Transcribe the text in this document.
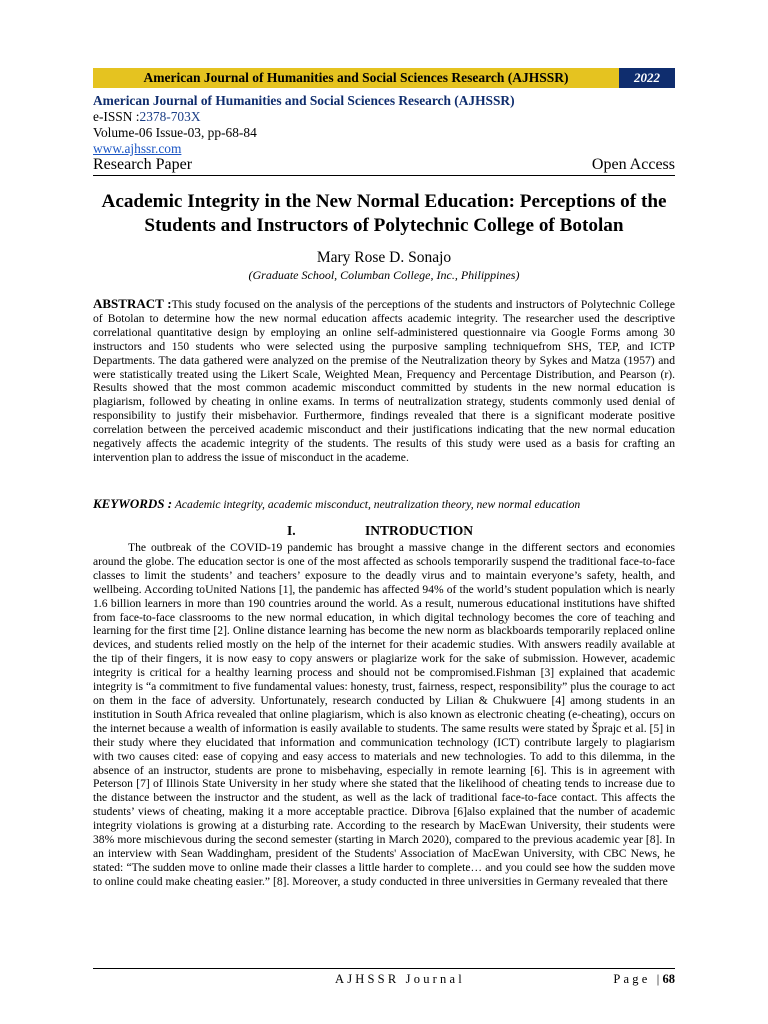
American Journal of Humanities and Social Sciences Research (AJHSSR)	2022
American Journal of Humanities and Social Sciences Research (AJHSSR)
e-ISSN :2378-703X
Volume-06 Issue-03, pp-68-84
www.ajhssr.com
Research Paper	Open Access
Academic Integrity in the New Normal Education: Perceptions of the Students and Instructors of Polytechnic College of Botolan
Mary Rose D. Sonajo
(Graduate School, Columban College, Inc., Philippines)
ABSTRACT :This study focused on the analysis of the perceptions of the students and instructors of Polytechnic College of Botolan to determine how the new normal education affects academic integrity. The researcher used the descriptive correlational quantitative design by employing an online self-administered questionnaire via Google Forms among 30 instructors and 150 students who were selected using the purposive sampling techniquefrom SHS, TEP, and ICTP Departments. The data gathered were analyzed on the premise of the Neutralization theory by Sykes and Matza (1957) and were statistically treated using the Likert Scale, Weighted Mean, Frequency and Percentage Distribution, and Pearson (r). Results showed that the most common academic misconduct committed by students in the new normal education is plagiarism, followed by cheating in online exams. In terms of neutralization strategy, students commonly used denial of responsibility to justify their misbehavior. Furthermore, findings revealed that there is a significant moderate positive correlation between the perceived academic misconduct and their justifications indicating that the new normal education negatively affects the academic integrity of the students. The results of this study were used as a basis for crafting an intervention plan to address the issue of misconduct in the academe.
KEYWORDS : Academic integrity, academic misconduct, neutralization theory, new normal education
I.	INTRODUCTION
The outbreak of the COVID-19 pandemic has brought a massive change in the different sectors and economies around the globe. The education sector is one of the most affected as schools temporarily suspend the traditional face-to-face classes to limit the students’ and teachers’ exposure to the deadly virus and to maintain everyone’s safety, health, and wellbeing. According toUnited Nations [1], the pandemic has affected 94% of the world’s student population which is nearly 1.6 billion learners in more than 190 countries around the world. As a result, numerous educational institutions have shifted from face-to-face classrooms to the new normal education, in which digital technology becomes the core of teaching and learning for the first time [2]. Online distance learning has become the new norm as blackboards temporarily replaced online devices, and students relied mostly on the help of the internet for their academic studies. With answers readily available at the tip of their fingers, it is now easy to copy answers or plagiarize work for the sake of submission. However, academic integrity is critical for a healthy learning process and should not be compromised.Fishman [3] explained that academic integrity is “a commitment to five fundamental values: honesty, trust, fairness, respect, responsibility” plus the courage to act on them in the face of adversity. Unfortunately, research conducted by Lilian & Chukwuere [4] among students in an institution in South Africa revealed that online plagiarism, which is also known as electronic cheating (e-cheating), occurs on the internet because a wealth of information is easily available to students. The same results were stated by Šprajc et al. [5] in their study where they elucidated that information and communication technology (ICT) contribute largely to plagiarism with two causes cited: ease of copying and easy access to materials and new technologies. To add to this dilemma, in the absence of an instructor, students are prone to misbehaving, especially in remote learning [6]. This is in agreement with Peterson [7] of Illinois State University in her study where she stated that the likelihood of cheating tends to increase due to the distance between the instructor and the student, as well as the lack of traditional face-to-face contact. This affects the students’ views of cheating, making it a more acceptable practice. Dibrova [6]also explained that the number of academic integrity violations is growing at a disturbing rate. According to the research by MacEwan University, their students were 38% more mischievous during the second semester (starting in March 2020), compared to the previous academic year [8]. In an interview with Sean Waddingham, president of the Students' Association of MacEwan University, with CBC News, he stated: “The sudden move to online made their classes a little harder to complete… and you could see how the sudden move to online could make cheating easier.” [8]. Moreover, a study conducted in three universities in Germany revealed that there
AJHSSR Journal	Page |68
